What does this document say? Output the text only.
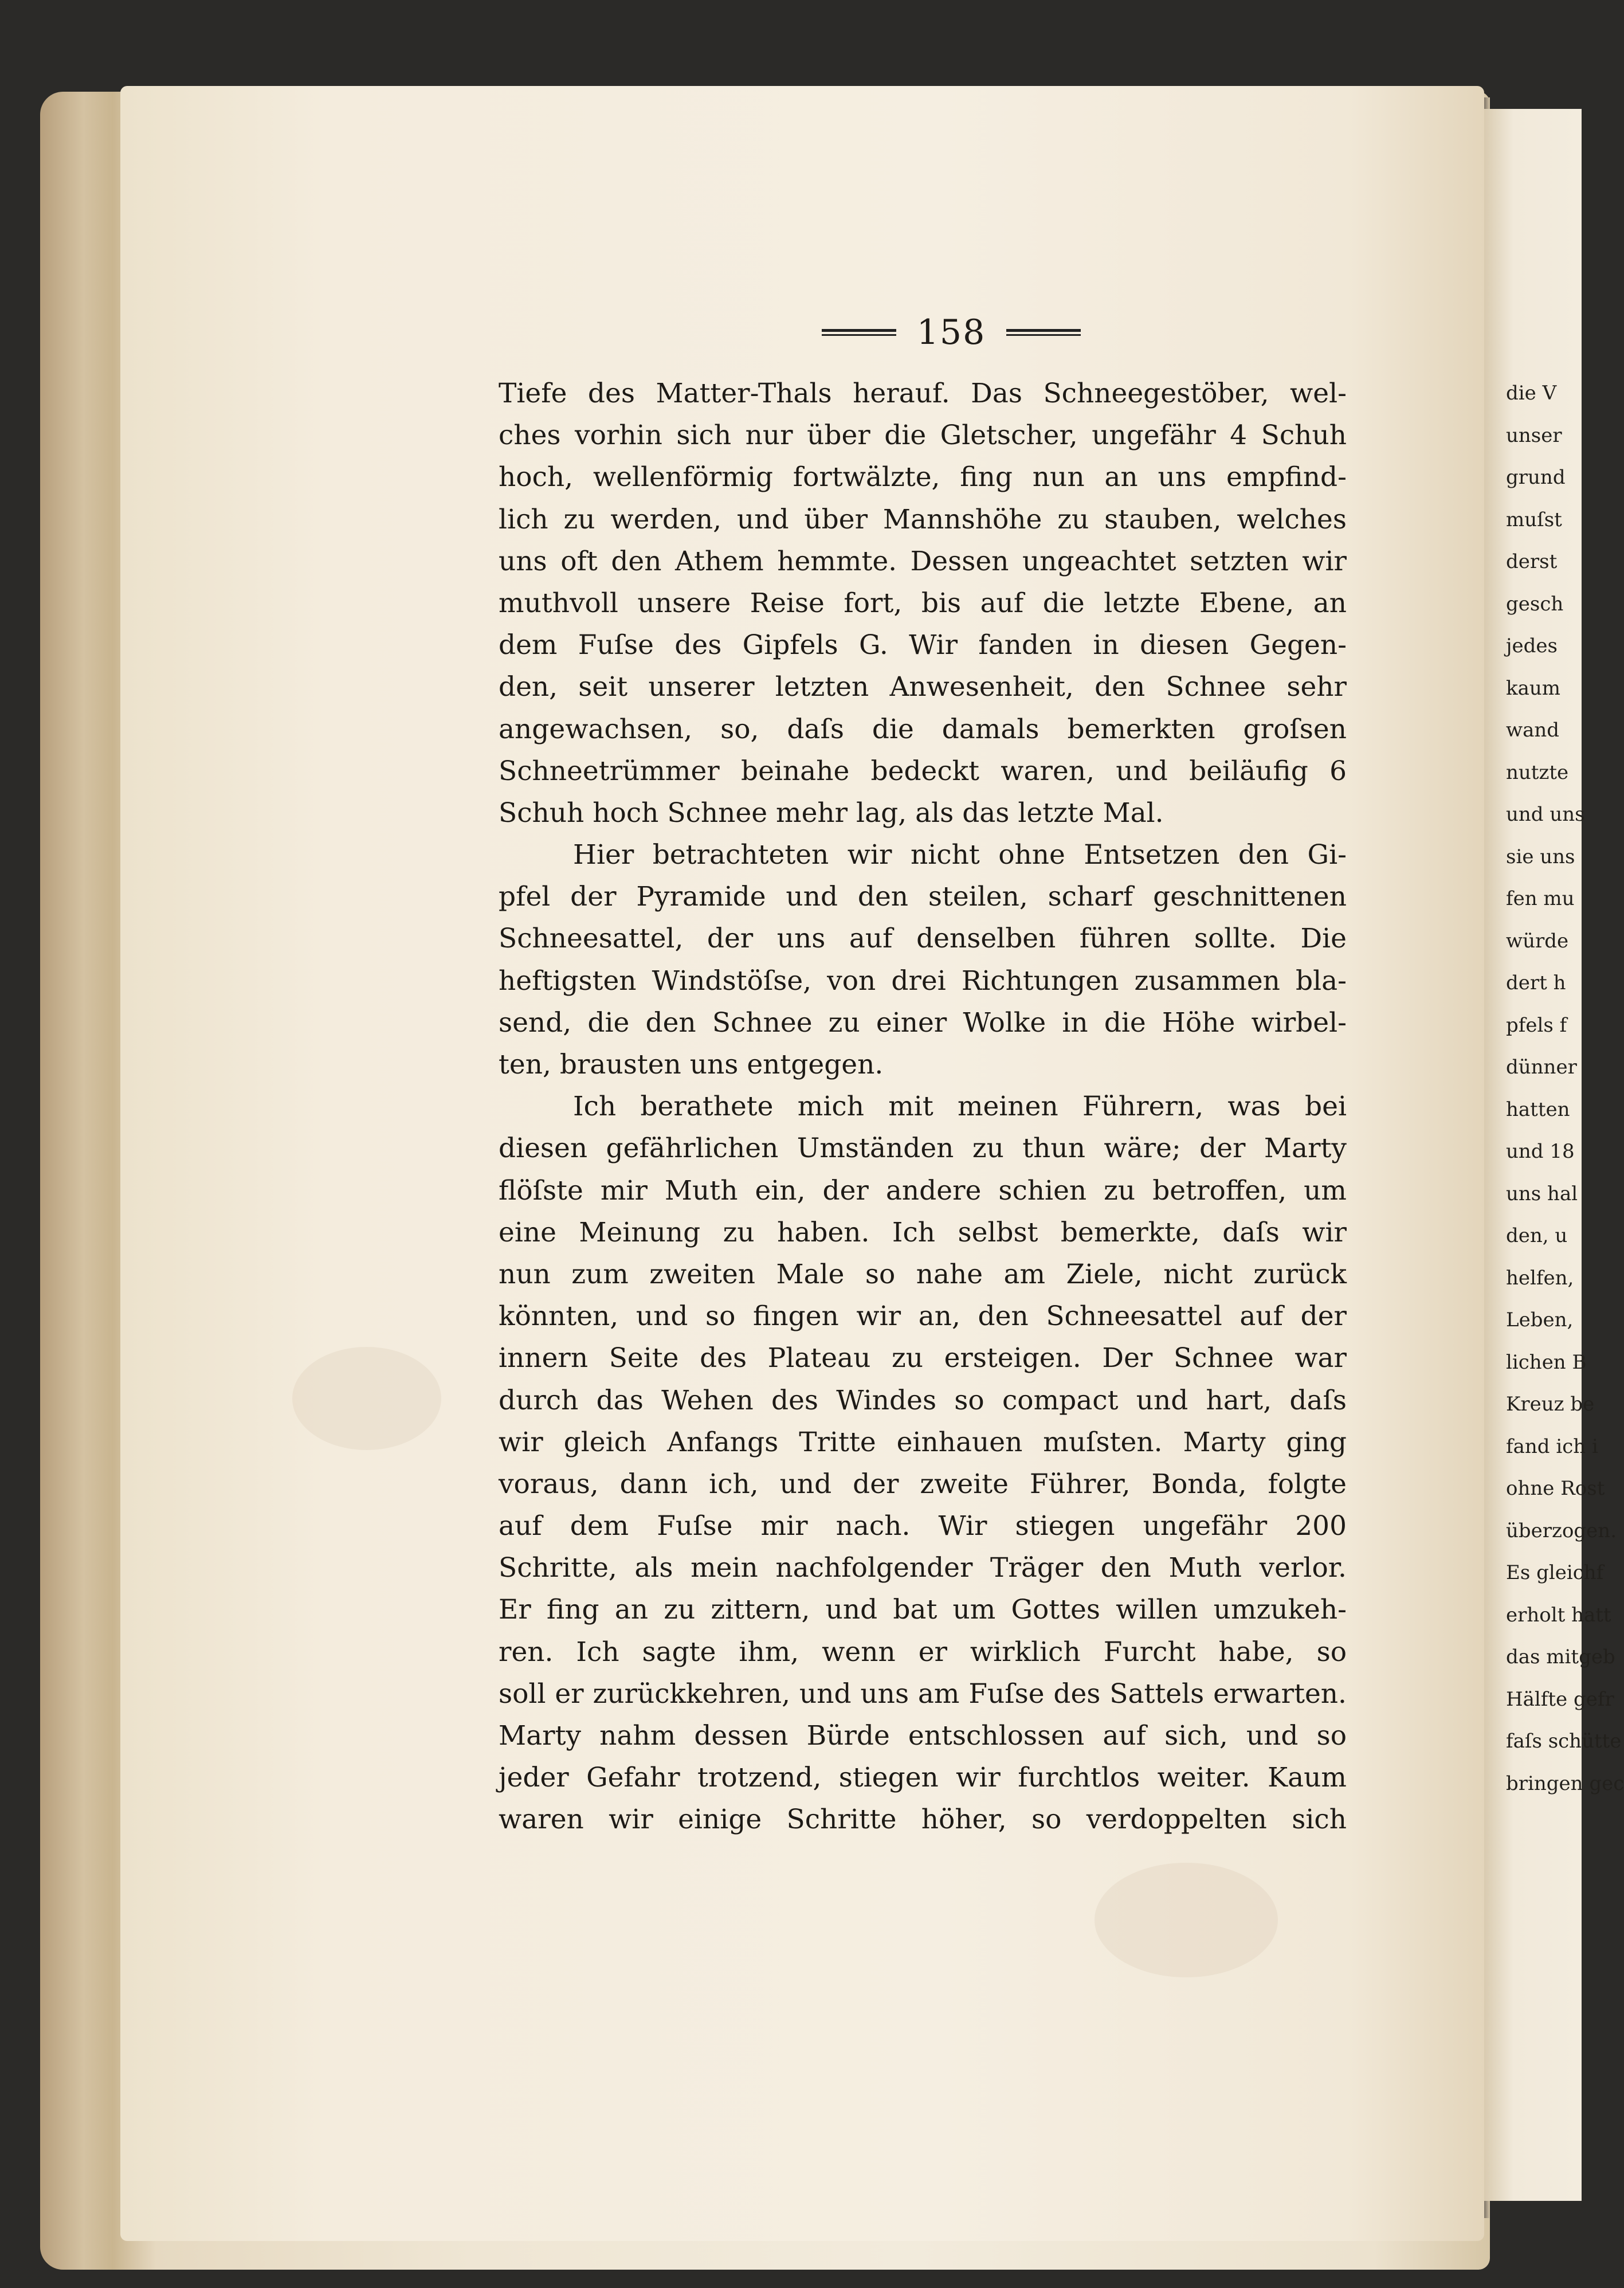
158
Tiefe des Matter-Thals herauf. Das Schneegestöber, wel-
ches vorhin sich nur über die Gletscher, ungefähr 4 Schuh
hoch, wellenförmig fortwälzte, fing nun an uns empfind-
lich zu werden, und über Mannshöhe zu stauben, welches
uns oft den Athem hemmte. Dessen ungeachtet setzten wir
muthvoll unsere Reise fort, bis auf die letzte Ebene, an
dem Fuſse des Gipfels G. Wir fanden in diesen Gegen-
den, seit unserer letzten Anwesenheit, den Schnee sehr
angewachsen, so, daſs die damals bemerkten groſsen
Schneetrümmer beinahe bedeckt waren, und beiläufig 6
Schuh hoch Schnee mehr lag, als das letzte Mal.
Hier betrachteten wir nicht ohne Entsetzen den Gi-
pfel der Pyramide und den steilen, scharf geschnittenen
Schneesattel, der uns auf denselben führen sollte. Die
heftigsten Windstöſse, von drei Richtungen zusammen bla-
send, die den Schnee zu einer Wolke in die Höhe wirbel-
ten, brausten uns entgegen.
Ich berathete mich mit meinen Führern, was bei
diesen gefährlichen Umständen zu thun wäre; der Marty
flöſste mir Muth ein, der andere schien zu betroffen, um
eine Meinung zu haben. Ich selbst bemerkte, daſs wir
nun zum zweiten Male so nahe am Ziele, nicht zurück
könnten, und so fingen wir an, den Schneesattel auf der
innern Seite des Plateau zu ersteigen. Der Schnee war
durch das Wehen des Windes so compact und hart, daſs
wir gleich Anfangs Tritte einhauen muſsten. Marty ging
voraus, dann ich, und der zweite Führer, Bonda, folgte
auf dem Fuſse mir nach. Wir stiegen ungefähr 200
Schritte, als mein nachfolgender Träger den Muth verlor.
Er fing an zu zittern, und bat um Gottes willen umzukeh-
ren. Ich sagte ihm, wenn er wirklich Furcht habe, so
soll er zurückkehren, und uns am Fuſse des Sattels erwarten.
Marty nahm dessen Bürde entschlossen auf sich, und so
jeder Gefahr trotzend, stiegen wir furchtlos weiter. Kaum
waren wir einige Schritte höher, so verdoppelten sich
die V
unser
grund
muſst
derst
gesch
jedes
kaum
wand
nutzte
und uns
sie uns
fen mu
würde
dert h
pfels f
dünner
hatten
und 18
uns hal
den, u
helfen,
Leben,
lichen B
Kreuz be
fand ich i
ohne Rost
überzogen.
Es gleichf
erholt hatt
das mitgeb
Hälfte gefr
faſs schütte
bringen gec
